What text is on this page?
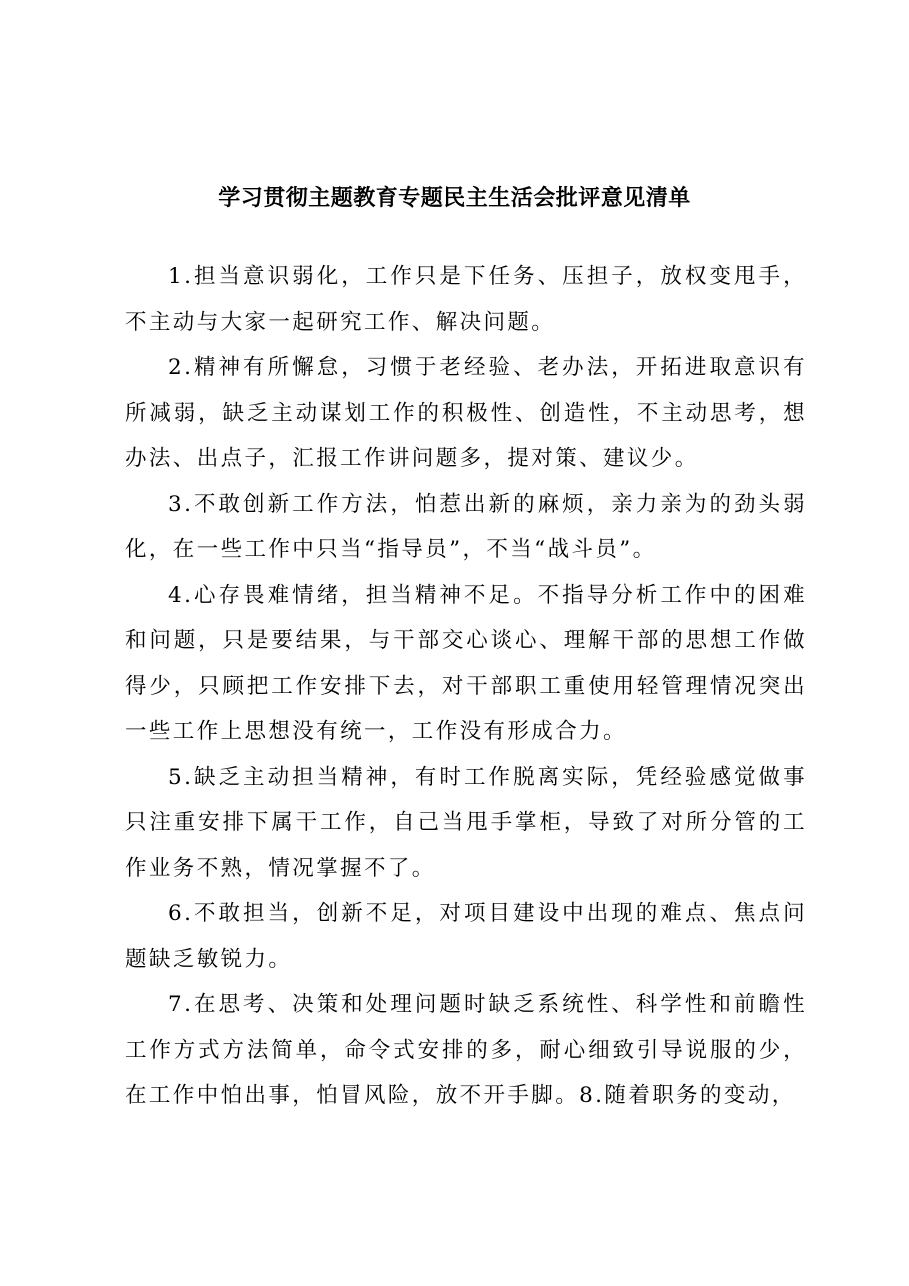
学习贯彻主题教育专题民主生活会批评意见清单

1.担当意识弱化，工作只是下任务、压担子，放权变甩手，不主动与大家一起研究工作、解决问题。

2.精神有所懈怠，习惯于老经验、老办法，开拓进取意识有所减弱，缺乏主动谋划工作的积极性、创造性，不主动思考，想办法、出点子，汇报工作讲问题多，提对策、建议少。

3.不敢创新工作方法，怕惹出新的麻烦，亲力亲为的劲头弱化，在一些工作中只当“指导员”，不当“战斗员”。

4.心存畏难情绪，担当精神不足。不指导分析工作中的困难和问题，只是要结果，与干部交心谈心、理解干部的思想工作做得少，只顾把工作安排下去，对干部职工重使用轻管理情况突出一些工作上思想没有统一，工作没有形成合力。

5.缺乏主动担当精神，有时工作脱离实际，凭经验感觉做事只注重安排下属干工作，自己当甩手掌柜，导致了对所分管的工作业务不熟，情况掌握不了。

6.不敢担当，创新不足，对项目建设中出现的难点、焦点问题缺乏敏锐力。

7.在思考、决策和处理问题时缺乏系统性、科学性和前瞻性工作方式方法简单，命令式安排的多，耐心细致引导说服的少，在工作中怕出事，怕冒风险，放不开手脚。8.随着职务的变动，
